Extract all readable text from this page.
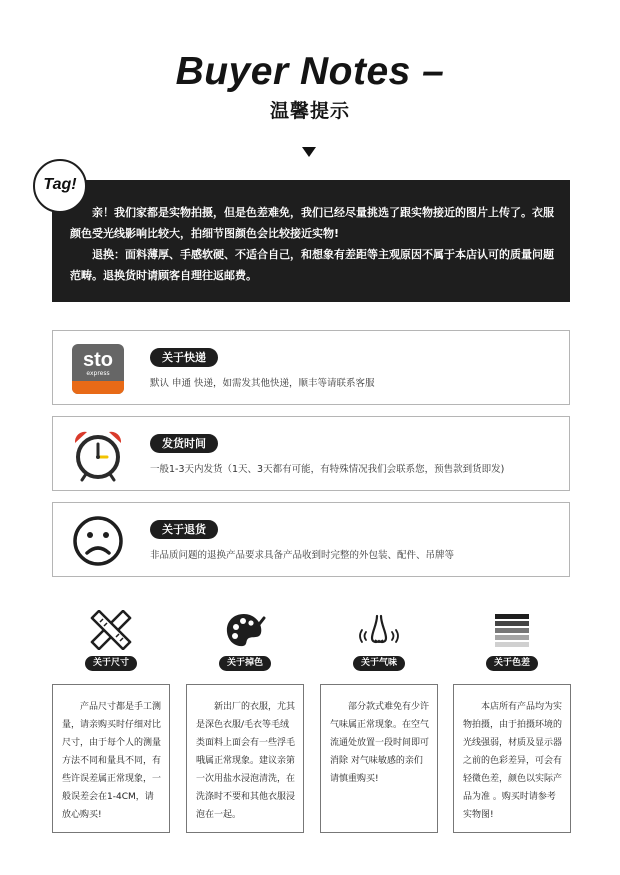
Buyer Notes –
温馨提示

亲！我们家都是实物拍摄，但是色差难免，我们已经尽量挑选了跟实物接近的图片上传了。衣服颜色受光线影响比较大，拍细节图颜色会比较接近实物!

退换：面料薄厚、手感软硬、不适合自己，和想象有差距等主观原因不属于本店认可的质量问题范畴。退换货时请顾客自理往返邮费。

Tag!
sto
express
关于快递
默认 申通 快递，如需发其他快递，顺丰等请联系客服
发货时间
一般1-3天内发货（1天、3天都有可能，有特殊情况我们会联系您，预售款到货即发)
关于退货
非品质问题的退换产品要求具备产品收到时完整的外包装、配件、吊牌等
关于尺寸
产品尺寸都是手工测量，请亲购买时仔细对比尺寸，由于每个人的测量方法不同和量具不同，有些许误差属正常现象，一般误差会在1-4CM，请放心购买!
关于掉色
新出厂的衣服，尤其是深色衣服/毛衣等毛绒类面料上面会有一些浮毛哦属正常现象。建议亲第一次用盐水浸泡清洗，在洗涤时不要和其他衣服浸泡在一起。
关于气味
部分款式难免有少许气味属正常现象。在空气流通处放置一段时间即可消除 对气味敏感的亲们请慎重购买!
关于色差
本店所有产品均为实物拍摄，由于拍摄环境的光线强弱，材质及显示器之前的色彩差异，可会有轻微色差，颜色以实际产品为准 。购买时请参考实物图!
